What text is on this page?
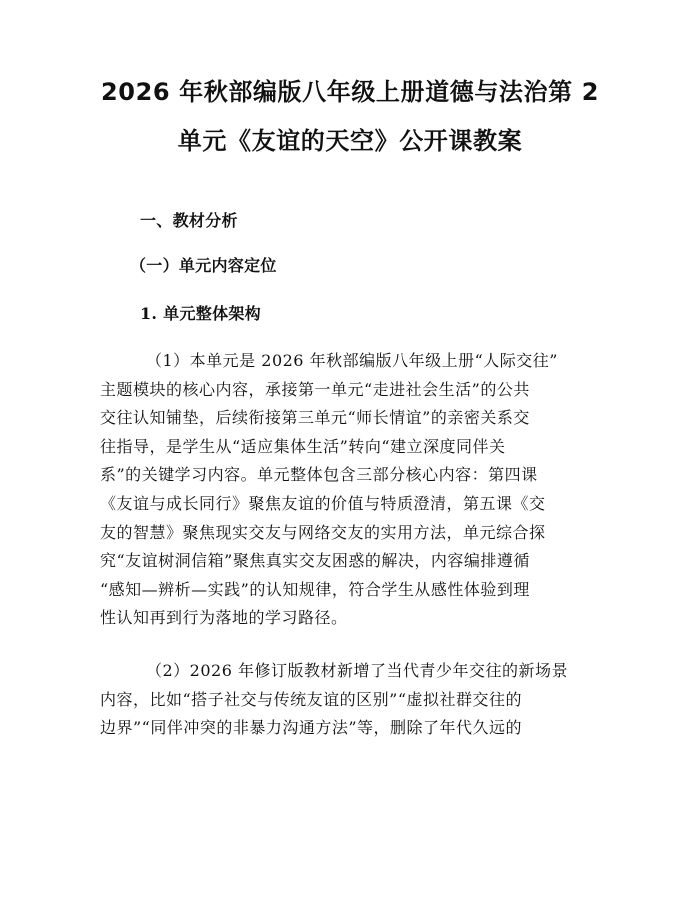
2026 年秋部编版八年级上册道德与法治第 2
单元《友谊的天空》公开课教案
一、教材分析
（一）单元内容定位
1. 单元整体架构

（1）本单元是 2026 年秋部编版八年级上册“人际交往”
主题模块的核心内容，承接第一单元“走进社会生活”的公共
交往认知铺垫，后续衔接第三单元“师长情谊”的亲密关系交
往指导，是学生从“适应集体生活”转向“建立深度同伴关
系”的关键学习内容。单元整体包含三部分核心内容：第四课
《友谊与成长同行》聚焦友谊的价值与特质澄清，第五课《交
友的智慧》聚焦现实交友与网络交友的实用方法，单元综合探
究“友谊树洞信箱”聚焦真实交友困惑的解决，内容编排遵循
“感知—辨析—实践”的认知规律，符合学生从感性体验到理
性认知再到行为落地的学习路径。

（2）2026 年修订版教材新增了当代青少年交往的新场景
内容，比如“搭子社交与传统友谊的区别”“虚拟社群交往的
边界”“同伴冲突的非暴力沟通方法”等，删除了年代久远的
